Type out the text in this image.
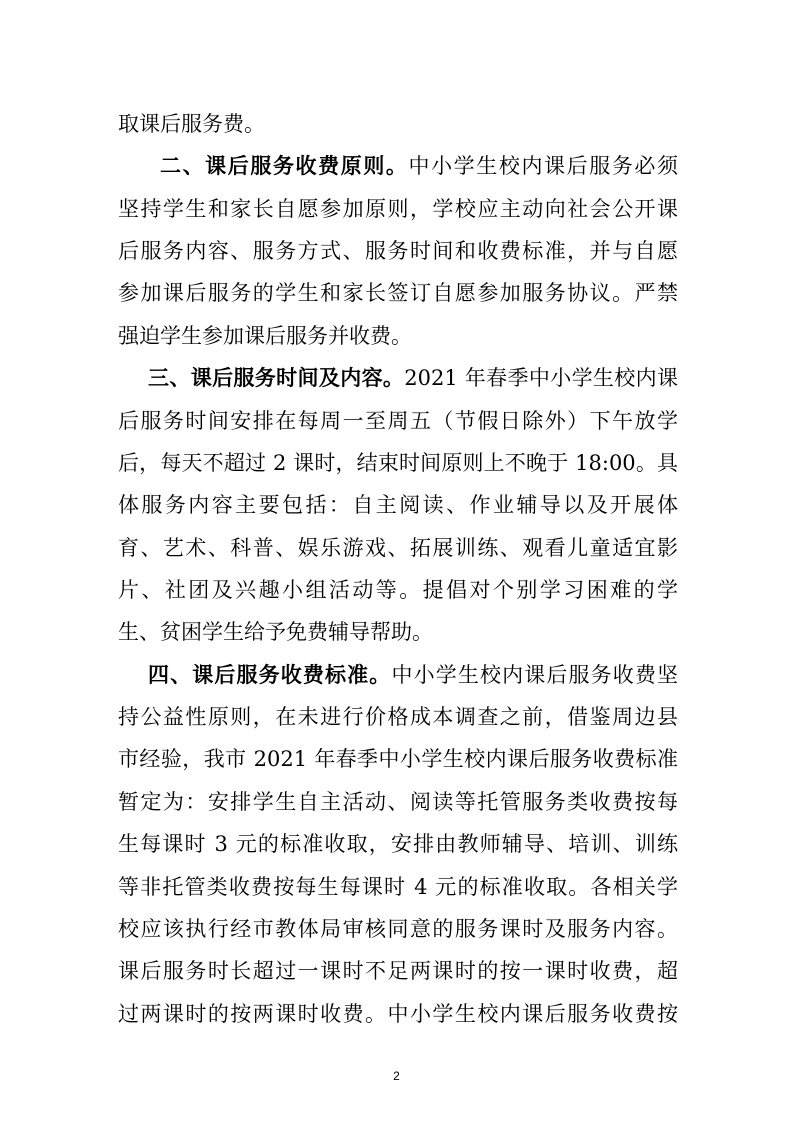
取课后服务费。
二、课后服务收费原则。中小学生校内课后服务必须
坚持学生和家长自愿参加原则，学校应主动向社会公开课
后服务内容、服务方式、服务时间和收费标准，并与自愿
参加课后服务的学生和家长签订自愿参加服务协议。严禁
强迫学生参加课后服务并收费。
三、课后服务时间及内容。2021 年春季中小学生校内课
后服务时间安排在每周一至周五（节假日除外）下午放学
后，每天不超过 2 课时，结束时间原则上不晚于 18:00。具
体服务内容主要包括：自主阅读、作业辅导以及开展体
育、艺术、科普、娱乐游戏、拓展训练、观看儿童适宜影
片、社团及兴趣小组活动等。提倡对个别学习困难的学
生、贫困学生给予免费辅导帮助。
四、课后服务收费标准。中小学生校内课后服务收费坚
持公益性原则，在未进行价格成本调查之前，借鉴周边县
市经验，我市 2021 年春季中小学生校内课后服务收费标准
暂定为：安排学生自主活动、阅读等托管服务类收费按每
生每课时 3 元的标准收取，安排由教师辅导、培训、训练
等非托管类收费按每生每课时 4 元的标准收取。各相关学
校应该执行经市教体局审核同意的服务课时及服务内容。
课后服务时长超过一课时不足两课时的按一课时收费，超
过两课时的按两课时收费。中小学生校内课后服务收费按
2
